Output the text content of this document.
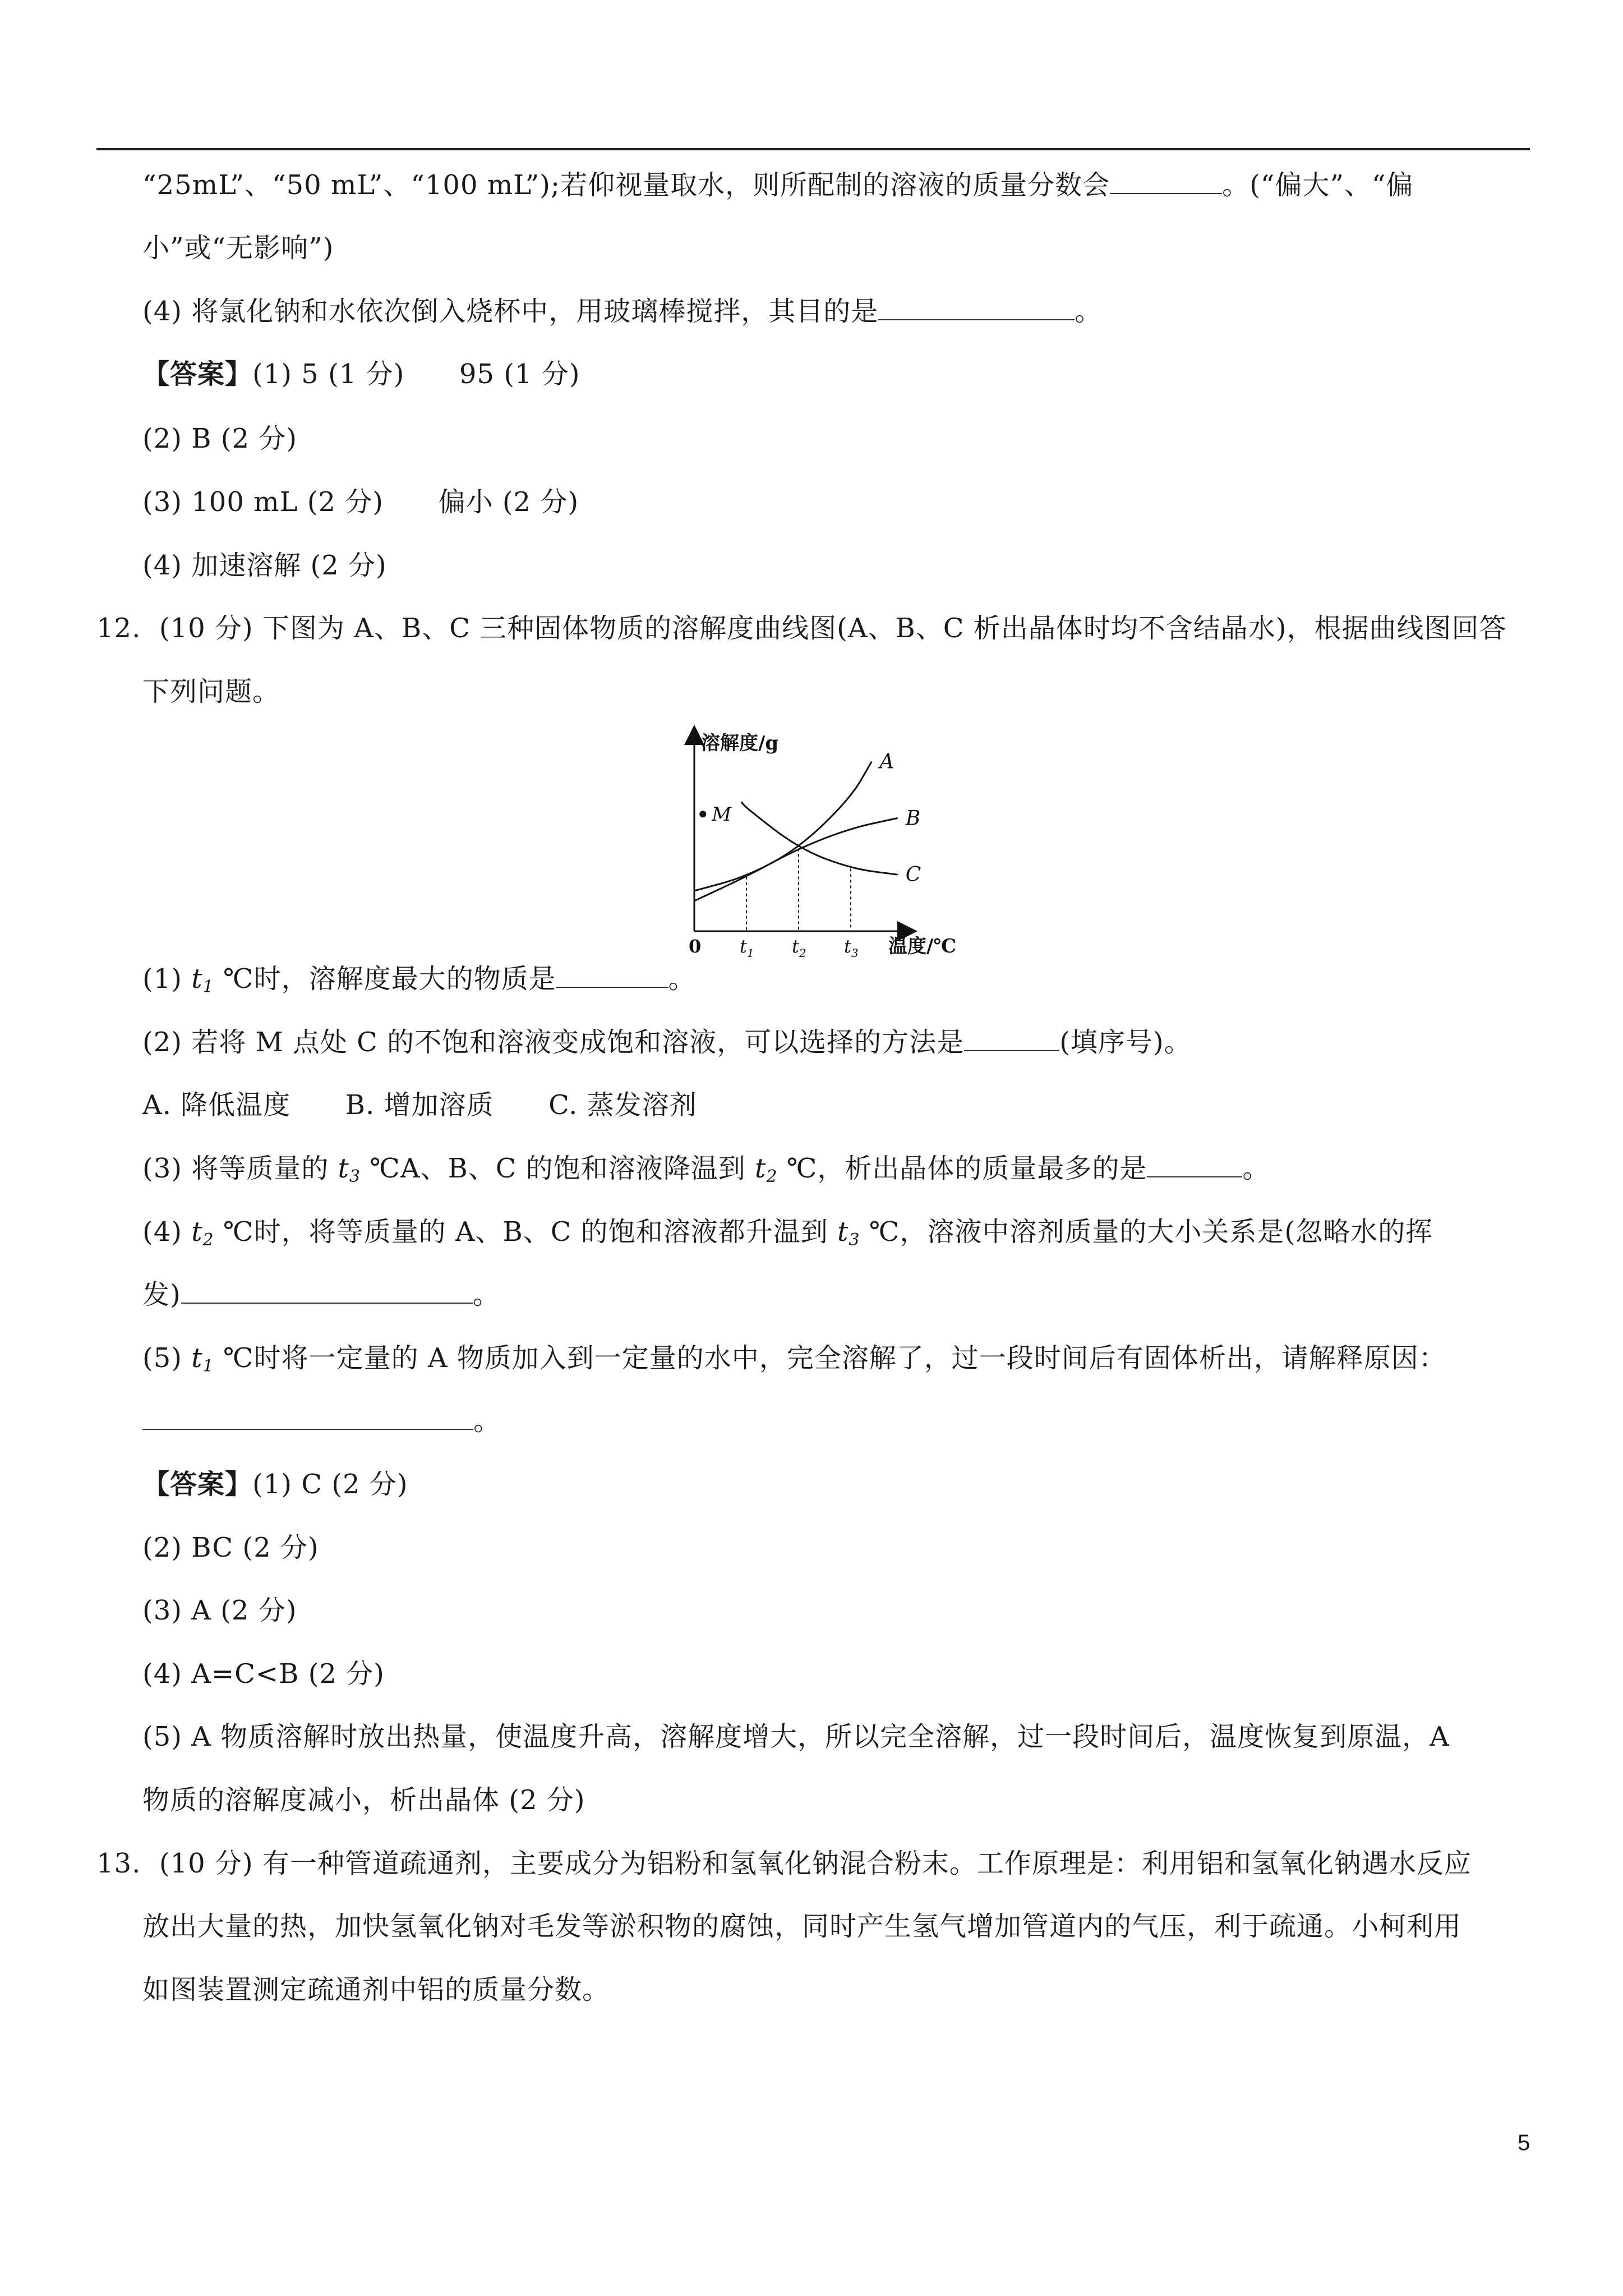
“25mL”、“50 mL”、“100 mL”);若仰视量取水，则所配制的溶液的质量分数会	。(“偏大”、“偏
小”或“无影响”)
(4) 将氯化钠和水依次倒入烧杯中，用玻璃棒搅拌，其目的是	。
【答案】(1) 5 (1 分)      95 (1 分)
(2) B (2 分)
(3) 100 mL (2 分)      偏小 (2 分)
(4) 加速溶解 (2 分)
12. (10 分) 下图为 A、B、C 三种固体物质的溶解度曲线图(A、B、C 析出晶体时均不含结晶水)，根据曲线图回答
下列问题。
A
B
C
$t_1$ $t_2$ $t_3$
M
溶解度/g
温度/℃
0
(1) $t_1$ ℃时，溶解度最大的物质是	。
(2) 若将 M 点处 C 的不饱和溶液变成饱和溶液，可以选择的方法是	(填序号)。
A. 降低温度      B. 增加溶质      C. 蒸发溶剂
(3) 将等质量的 $t_3$ ℃A、B、C 的饱和溶液降温到 $t_2$ ℃，析出晶体的质量最多的是	。
(4) $t_2$ ℃时，将等质量的 A、B、C 的饱和溶液都升温到 $t_3$ ℃，溶液中溶剂质量的大小关系是(忽略水的挥
发)	。
(5) $t_1$ ℃时将一定量的 A 物质加入到一定量的水中，完全溶解了，过一段时间后有固体析出，请解释原因：
。
【答案】(1) C (2 分)
(2) BC (2 分)
(3) A (2 分)
(4) A=C<B (2 分)
(5) A 物质溶解时放出热量，使温度升高，溶解度增大，所以完全溶解，过一段时间后，温度恢复到原温，A
物质的溶解度减小，析出晶体 (2 分)
13. (10 分) 有一种管道疏通剂，主要成分为铝粉和氢氧化钠混合粉末。工作原理是：利用铝和氢氧化钠遇水反应
放出大量的热，加快氢氧化钠对毛发等淤积物的腐蚀，同时产生氢气增加管道内的气压，利于疏通。小柯利用
如图装置测定疏通剂中铝的质量分数。
5
